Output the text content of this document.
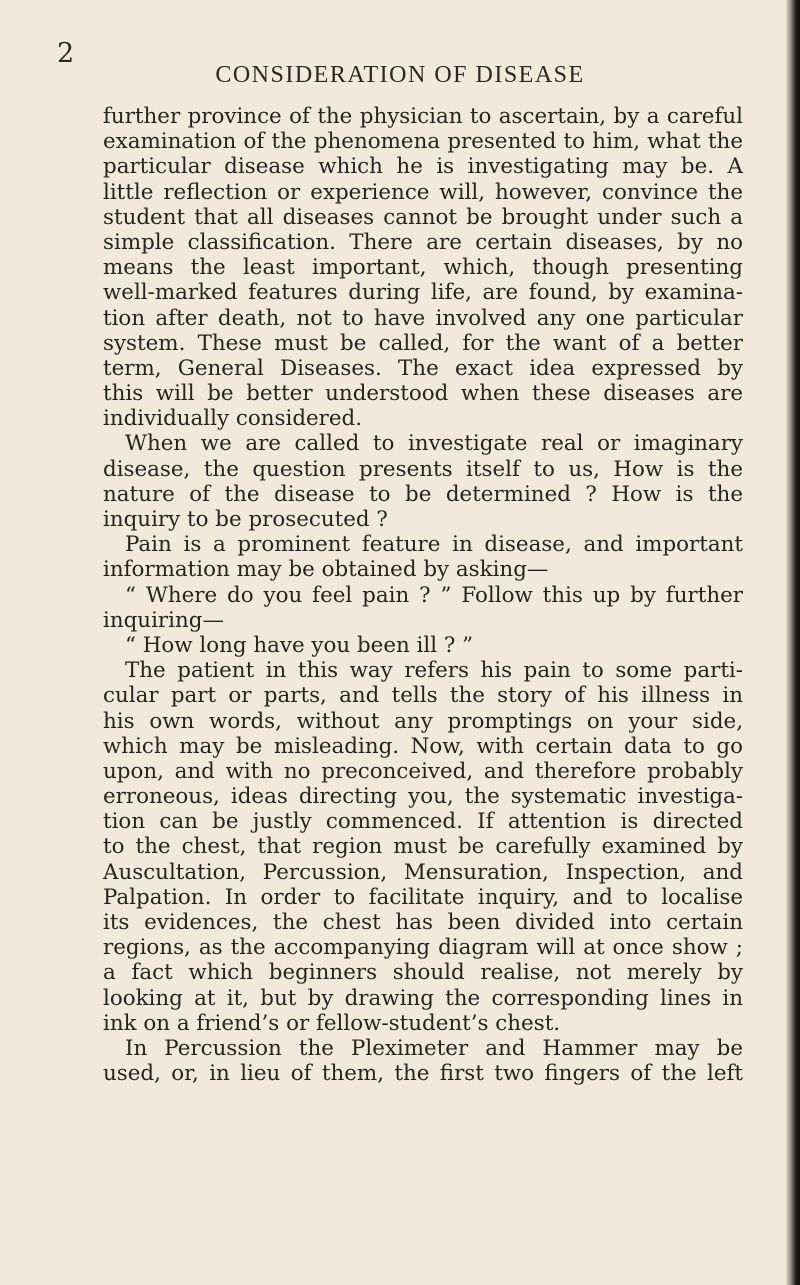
2
CONSIDERATION OF DISEASE
further province of the physician to ascertain, by a careful
examination of the phenomena presented to him, what the
particular disease which he is investigating may be. A
little reflection or experience will, however, convince the
student that all diseases cannot be brought under such a
simple classification. There are certain diseases, by no
means the least important, which, though presenting
well-marked features during life, are found, by examina-
tion after death, not to have involved any one particular
system. These must be called, for the want of a better
term, General Diseases. The exact idea expressed by
this will be better understood when these diseases are
individually considered.
When we are called to investigate real or imaginary
disease, the question presents itself to us, How is the
nature of the disease to be determined ? How is the
inquiry to be prosecuted ?
Pain is a prominent feature in disease, and important
information may be obtained by asking—
“ Where do you feel pain ? ” Follow this up by further
inquiring—
“ How long have you been ill ? ”
The patient in this way refers his pain to some parti-
cular part or parts, and tells the story of his illness in
his own words, without any promptings on your side,
which may be misleading. Now, with certain data to go
upon, and with no preconceived, and therefore probably
erroneous, ideas directing you, the systematic investiga-
tion can be justly commenced. If attention is directed
to the chest, that region must be carefully examined by
Auscultation, Percussion, Mensuration, Inspection, and
Palpation. In order to facilitate inquiry, and to localise
its evidences, the chest has been divided into certain
regions, as the accompanying diagram will at once show ;
a fact which beginners should realise, not merely by
looking at it, but by drawing the corresponding lines in
ink on a friend’s or fellow-student’s chest.
In Percussion the Pleximeter and Hammer may be
used, or, in lieu of them, the first two fingers of the left
